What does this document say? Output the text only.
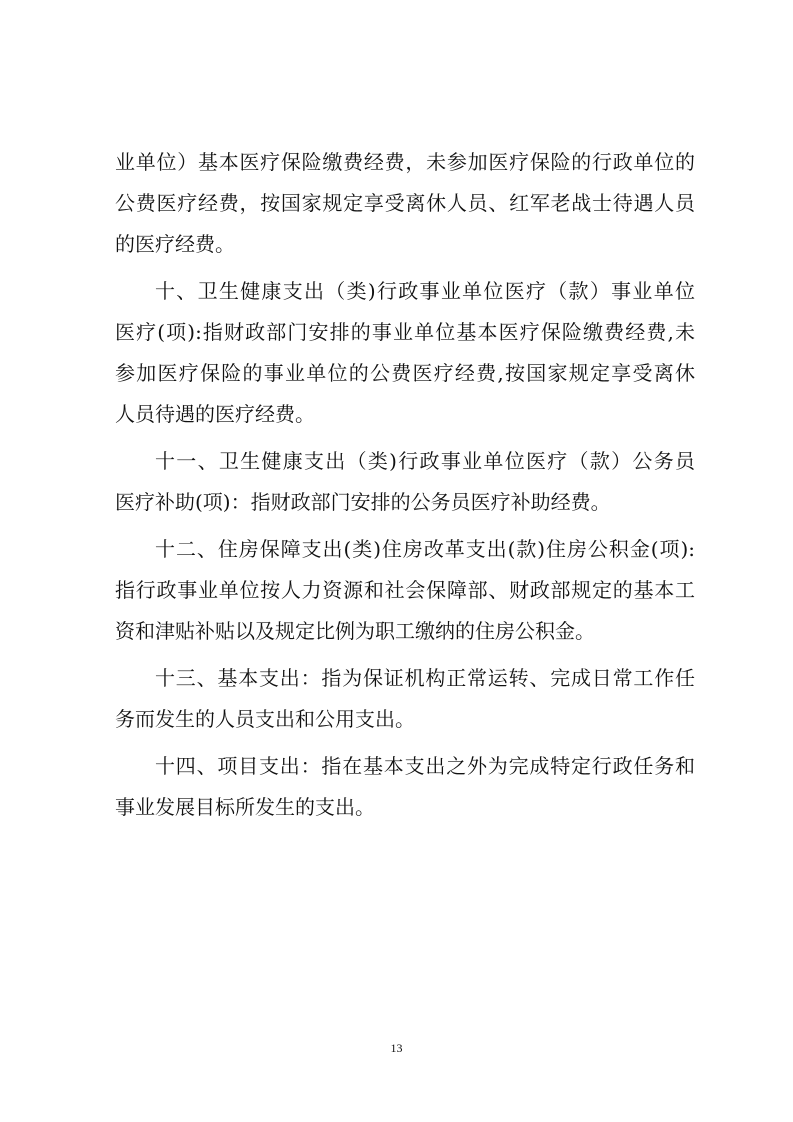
业单位）基本医疗保险缴费经费，未参加医疗保险的行政单位的
公费医疗经费，按国家规定享受离休人员、红军老战士待遇人员
的医疗经费。
十、卫生健康支出（类)行政事业单位医疗（款）事业单位
医疗(项):指财政部门安排的事业单位基本医疗保险缴费经费,未
参加医疗保险的事业单位的公费医疗经费,按国家规定享受离休
人员待遇的医疗经费。
十一、卫生健康支出（类)行政事业单位医疗（款）公务员
医疗补助(项)：指财政部门安排的公务员医疗补助经费。
十二、住房保障支出(类)住房改革支出(款)住房公积金(项):
指行政事业单位按人力资源和社会保障部、财政部规定的基本工
资和津贴补贴以及规定比例为职工缴纳的住房公积金。
十三、基本支出：指为保证机构正常运转、完成日常工作任
务而发生的人员支出和公用支出。
十四、项目支出：指在基本支出之外为完成特定行政任务和
事业发展目标所发生的支出。
13
